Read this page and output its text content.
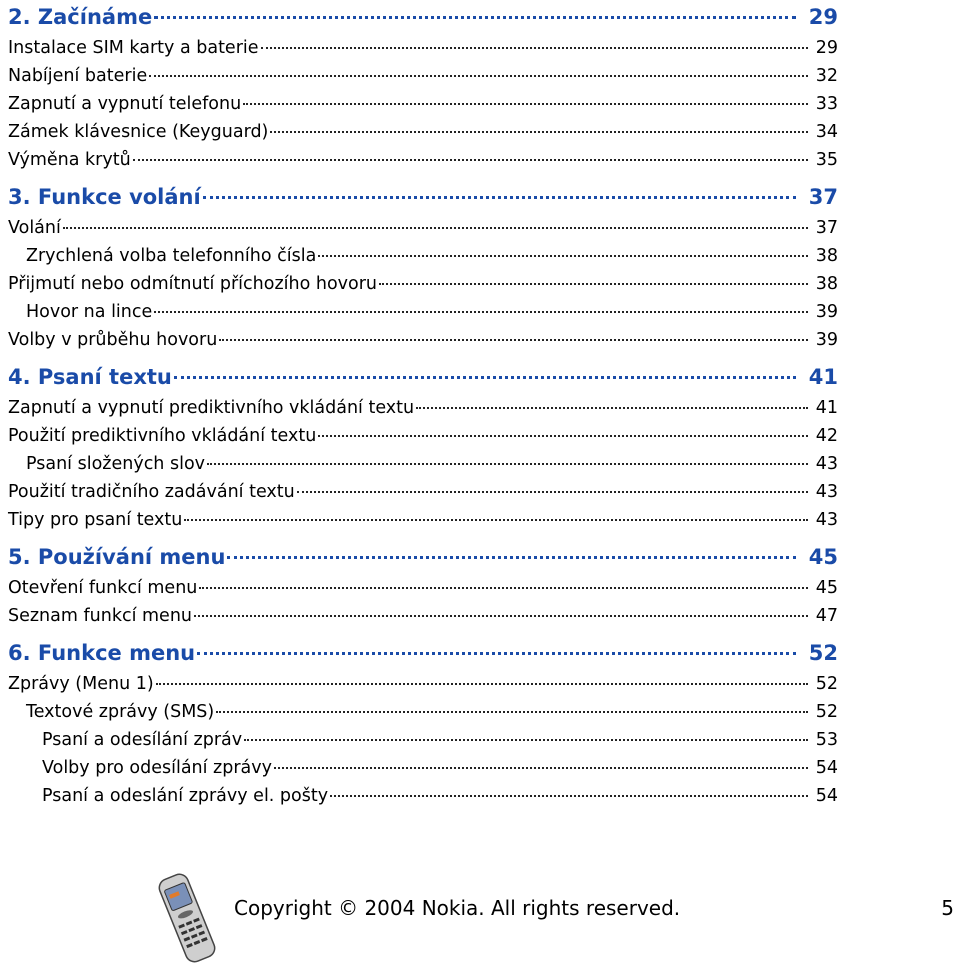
2. Začínáme	29
Instalace SIM karty a baterie	29
Nabíjení baterie	32
Zapnutí a vypnutí telefonu	33
Zámek klávesnice (Keyguard)	34
Výměna krytů	35
3. Funkce volání	37
Volání	37
Zrychlená volba telefonního čísla	38
Přijmutí nebo odmítnutí příchozího hovoru	38
Hovor na lince	39
Volby v průběhu hovoru	39
4. Psaní textu	41
Zapnutí a vypnutí prediktivního vkládání textu	41
Použití prediktivního vkládání textu	42
Psaní složených slov	43
Použití tradičního zadávání textu	43
Tipy pro psaní textu	43
5. Používání menu	45
Otevření funkcí menu	45
Seznam funkcí menu	47
6. Funkce menu	52
Zprávy (Menu 1)	52
Textové zprávy (SMS)	52
Psaní a odesílání zpráv	53
Volby pro odesílání zprávy	54
Psaní a odeslání zprávy el. pošty	54
Copyright © 2004 Nokia. All rights reserved.	5
